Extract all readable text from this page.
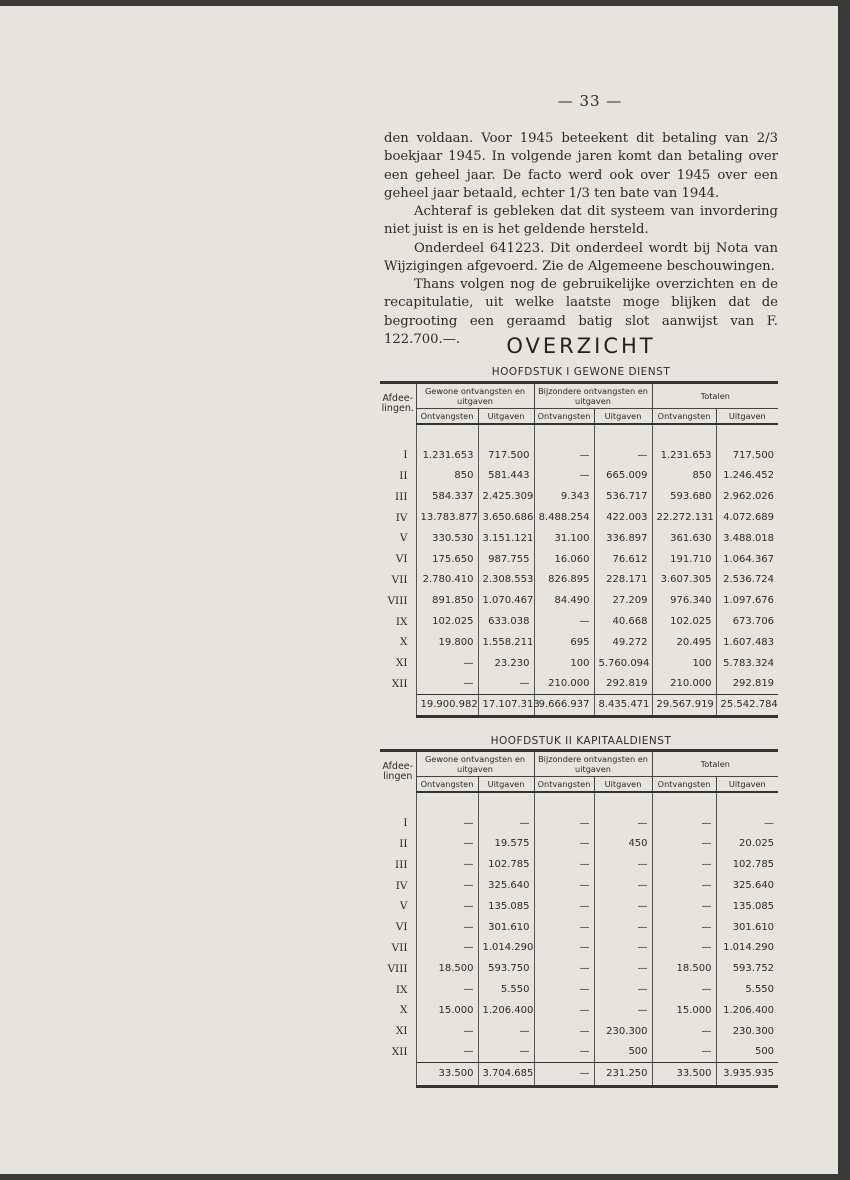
— 33 —

den voldaan. Voor 1945 beteekent dit betaling van 2/3 boekjaar 1945. In volgende jaren komt dan betaling over een geheel jaar. De facto werd ook over 1945 over een geheel jaar betaald, echter 1/3 ten bate van 1944.

Achteraf is gebleken dat dit systeem van invordering niet juist is en is het geldende hersteld.

Onderdeel 641223. Dit onderdeel wordt bij Nota van Wijzigingen afgevoerd. Zie de Algemeene beschouwingen.

Thans volgen nog de gebruikelijke overzichten en de recapitulatie, uit welke laatste moge blijken dat de begrooting een geraamd batig slot aanwijst van F. 122.700.—.	OVERZICHT
HOOFDSTUK I GEWONE DIENST
Afdee-lingen.	Gewone ontvangsten en uitgaven		Bijzondere ontvangsten en uitgaven		Totalen	
	Ontvangsten	Uitgaven	Ontvangsten	Uitgaven	Ontvangsten	Uitgaven

I	1.231.653	717.500	—	—	1.231.653	717.500
II	850	581.443	—	665.009	850	1.246.452
III	584.337	2.425.309	9.343	536.717	593.680	2.962.026
IV	13.783.877	3.650.686	8.488.254	422.003	22.272.131	4.072.689
V	330.530	3.151.121	31.100	336.897	361.630	3.488.018
VI	175.650	987.755	16.060	76.612	191.710	1.064.367
VII	2.780.410	2.308.553	826.895	228.171	3.607.305	2.536.724
VIII	891.850	1.070.467	84.490	27.209	976.340	1.097.676
IX	102.025	633.038	—	40.668	102.025	673.706
X	19.800	1.558.211	695	49.272	20.495	1.607.483
XI	—	23.230	100	5.760.094	100	5.783.324
XII	—	—	210.000	292.819	210.000	292.819
	19.900.982	17.107.313	9.666.937	8.435.471	29.567.919	25.542.784
HOOFDSTUK II KAPITAALDIENST
Afdee-lingen	Gewone ontvangsten en uitgaven		Bijzondere ontvangsten en uitgaven		Totalen	
	Ontvangsten	Uitgaven	Ontvangsten	Uitgaven	Ontvangsten	Uitgaven

I	—	—	—	—	—	—
II	—	19.575	—	450	—	20.025
III	—	102.785	—	—	—	102.785
IV	—	325.640	—	—	—	325.640
V	—	135.085	—	—	—	135.085
VI	—	301.610	—	—	—	301.610
VII	—	1.014.290	—	—	—	1.014.290
VIII	18.500	593.750	—	—	18.500	593.752
IX	—	5.550	—	—	—	5.550
X	15.000	1.206.400	—	—	15.000	1.206.400
XI	—	—	—	230.300	—	230.300
XII	—	—	—	500	—	500
	33.500	3.704.685	—	231.250	33.500	3.935.935
